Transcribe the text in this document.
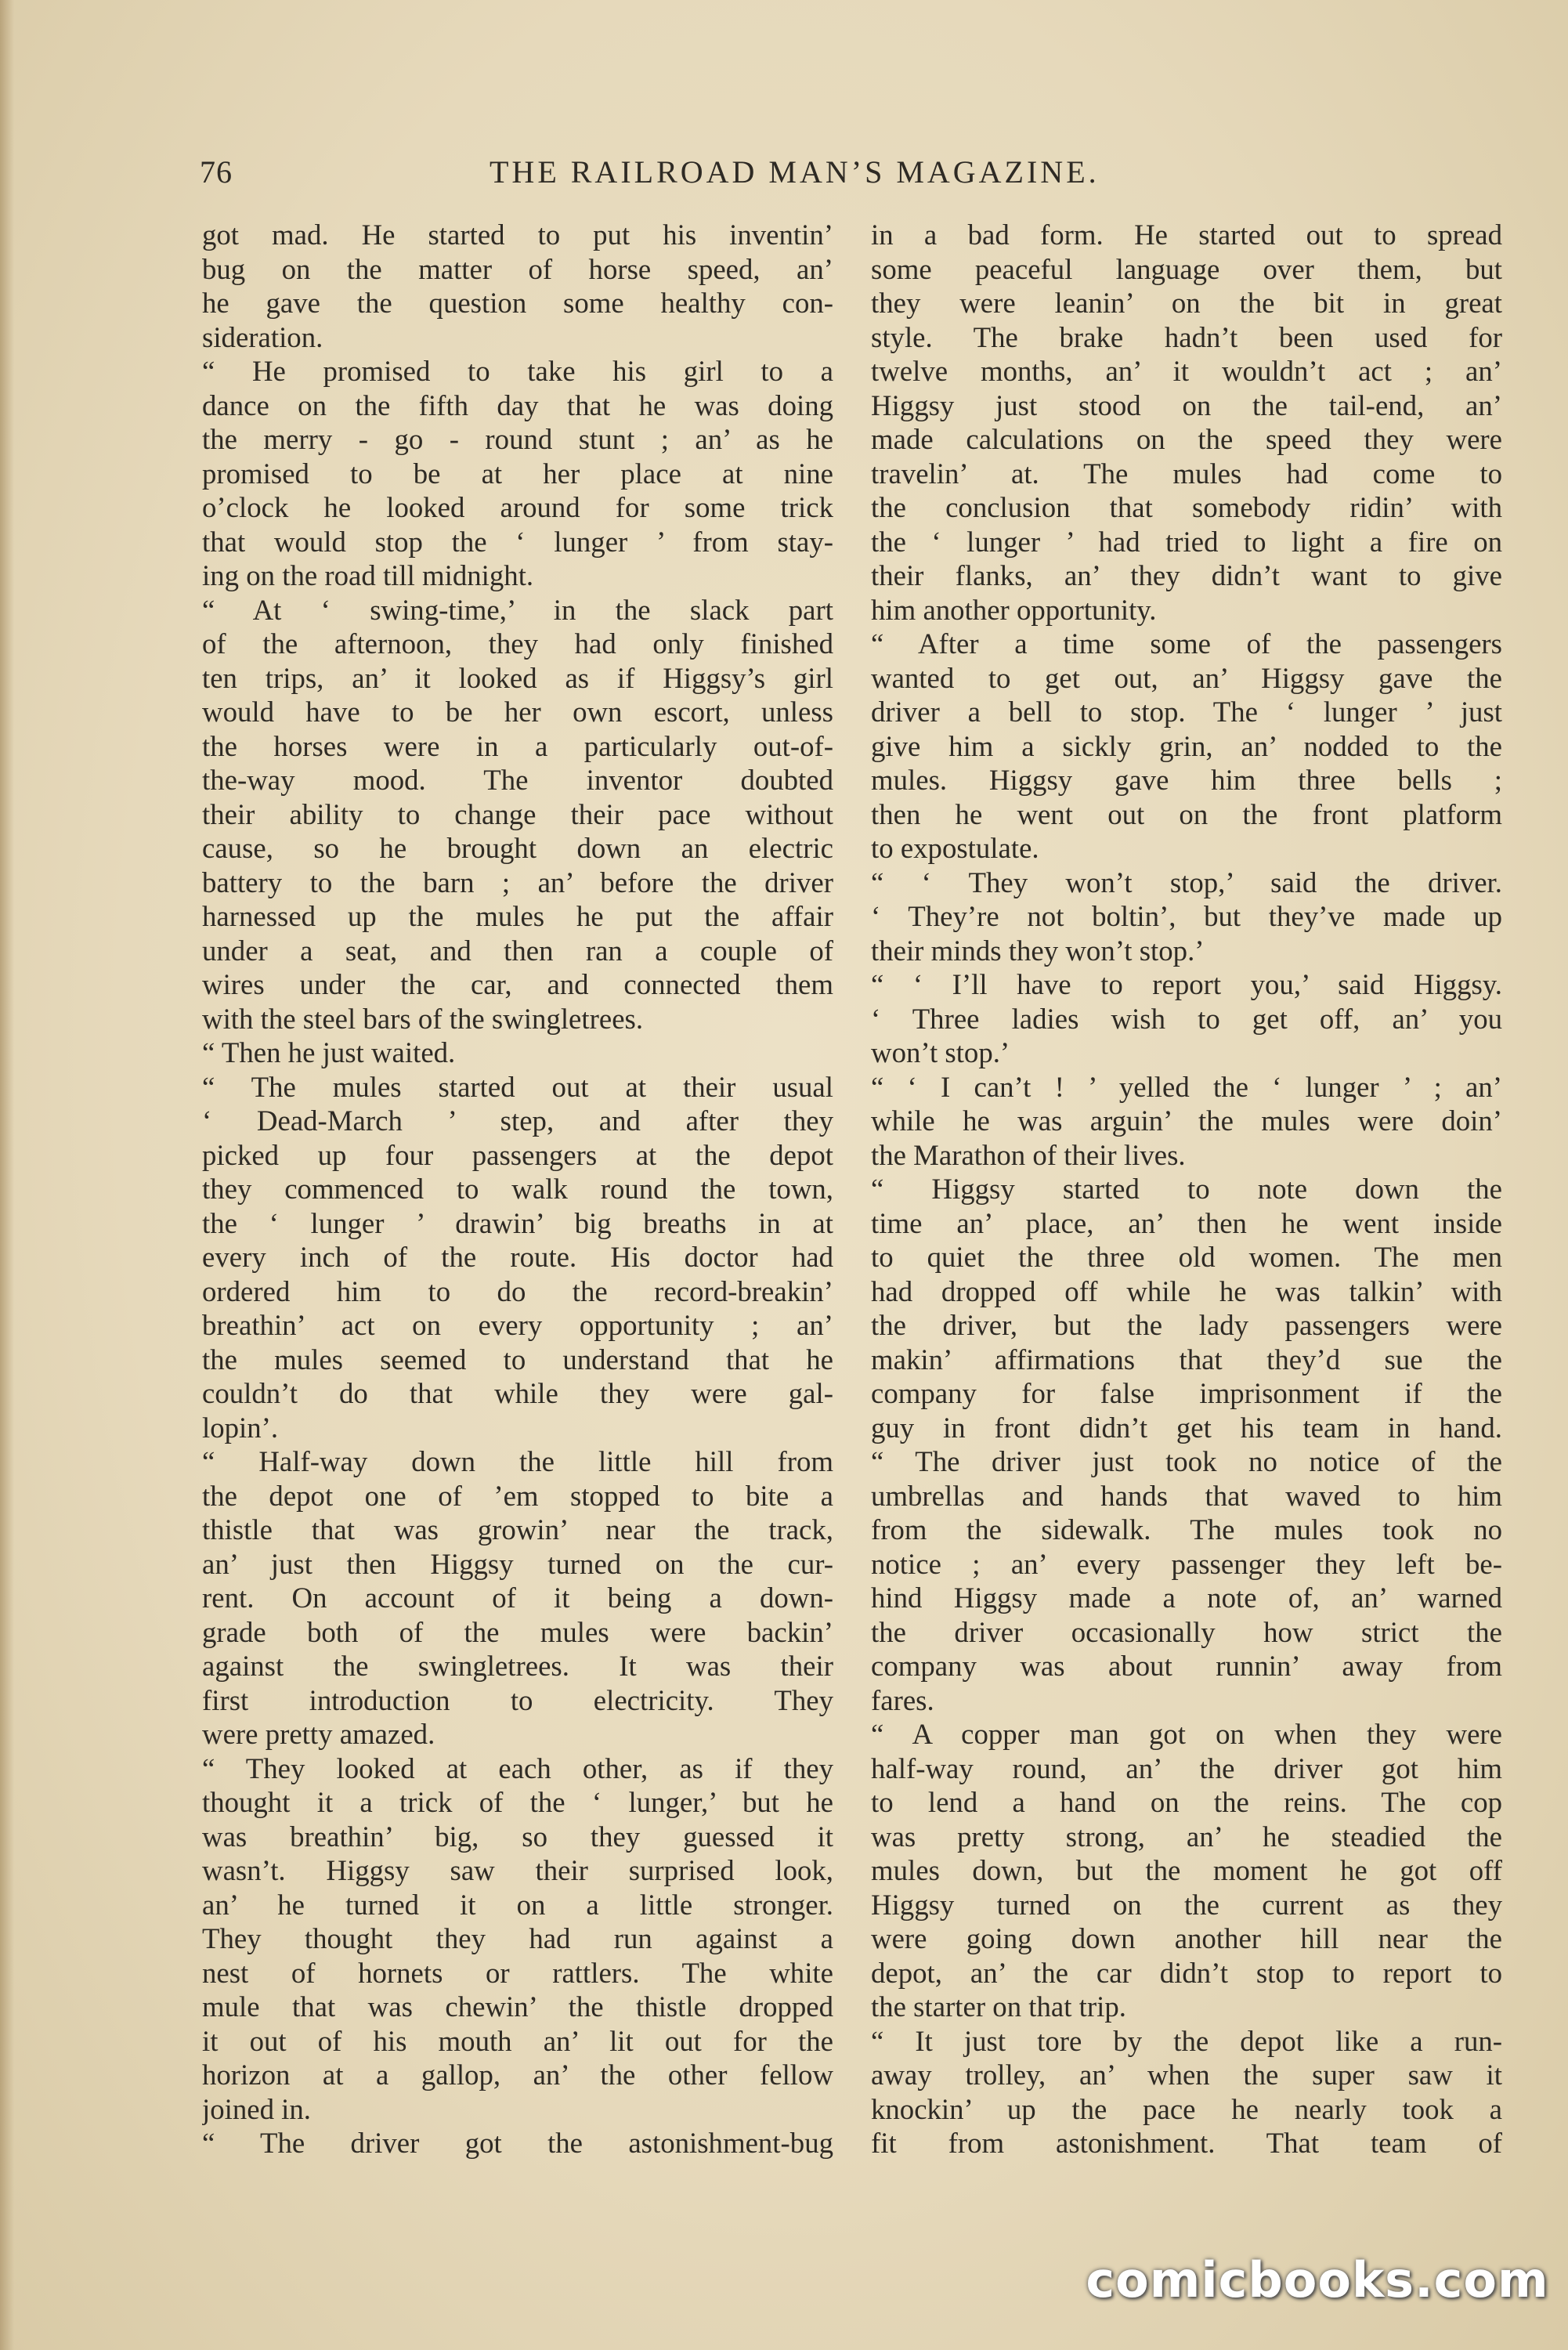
76	THE RAILROAD MAN’S MAGAZINE.
got mad. He started to put his inventin’
bug on the matter of horse speed, an’
he gave the question some healthy con-
sideration.
“ He promised to take his girl to a
dance on the fifth day that he was doing
the merry - go - round stunt ; an’ as he
promised to be at her place at nine
o’clock he looked around for some trick
that would stop the ‘ lunger ’ from stay-
ing on the road till midnight.
“ At ‘ swing-time,’ in the slack part
of the afternoon, they had only finished
ten trips, an’ it looked as if Higgsy’s girl
would have to be her own escort, unless
the horses were in a particularly out-of-
the-way mood. The inventor doubted
their ability to change their pace without
cause, so he brought down an electric
battery to the barn ; an’ before the driver
harnessed up the mules he put the affair
under a seat, and then ran a couple of
wires under the car, and connected them
with the steel bars of the swingletrees.
“ Then he just waited.
“ The mules started out at their usual
‘ Dead-March ’ step, and after they
picked up four passengers at the depot
they commenced to walk round the town,
the ‘ lunger ’ drawin’ big breaths in at
every inch of the route. His doctor had
ordered him to do the record-breakin’
breathin’ act on every opportunity ; an’
the mules seemed to understand that he
couldn’t do that while they were gal-
lopin’.
“ Half-way down the little hill from
the depot one of ’em stopped to bite a
thistle that was growin’ near the track,
an’ just then Higgsy turned on the cur-
rent. On account of it being a down-
grade both of the mules were backin’
against the swingletrees. It was their
first introduction to electricity. They
were pretty amazed.
“ They looked at each other, as if they
thought it a trick of the ‘ lunger,’ but he
was breathin’ big, so they guessed it
wasn’t. Higgsy saw their surprised look,
an’ he turned it on a little stronger.
They thought they had run against a
nest of hornets or rattlers. The white
mule that was chewin’ the thistle dropped
it out of his mouth an’ lit out for the
horizon at a gallop, an’ the other fellow
joined in.
“ The driver got the astonishment-bug
in a bad form. He started out to spread
some peaceful language over them, but
they were leanin’ on the bit in great
style. The brake hadn’t been used for
twelve months, an’ it wouldn’t act ; an’
Higgsy just stood on the tail-end, an’
made calculations on the speed they were
travelin’ at. The mules had come to
the conclusion that somebody ridin’ with
the ‘ lunger ’ had tried to light a fire on
their flanks, an’ they didn’t want to give
him another opportunity.
“ After a time some of the passengers
wanted to get out, an’ Higgsy gave the
driver a bell to stop. The ‘ lunger ’ just
give him a sickly grin, an’ nodded to the
mules. Higgsy gave him three bells ;
then he went out on the front platform
to expostulate.
“ ‘ They won’t stop,’ said the driver.
‘ They’re not boltin’, but they’ve made up
their minds they won’t stop.’
“ ‘ I’ll have to report you,’ said Higgsy.
‘ Three ladies wish to get off, an’ you
won’t stop.’
“ ‘ I can’t ! ’ yelled the ‘ lunger ’ ; an’
while he was arguin’ the mules were doin’
the Marathon of their lives.
“ Higgsy started to note down the
time an’ place, an’ then he went inside
to quiet the three old women. The men
had dropped off while he was talkin’ with
the driver, but the lady passengers were
makin’ affirmations that they’d sue the
company for false imprisonment if the
guy in front didn’t get his team in hand.
“ The driver just took no notice of the
umbrellas and hands that waved to him
from the sidewalk. The mules took no
notice ; an’ every passenger they left be-
hind Higgsy made a note of, an’ warned
the driver occasionally how strict the
company was about runnin’ away from
fares.
“ A copper man got on when they were
half-way round, an’ the driver got him
to lend a hand on the reins. The cop
was pretty strong, an’ he steadied the
mules down, but the moment he got off
Higgsy turned on the current as they
were going down another hill near the
depot, an’ the car didn’t stop to report to
the starter on that trip.
“ It just tore by the depot like a run-
away trolley, an’ when the super saw it
knockin’ up the pace he nearly took a
fit from astonishment. That team of
comicbooks.com
